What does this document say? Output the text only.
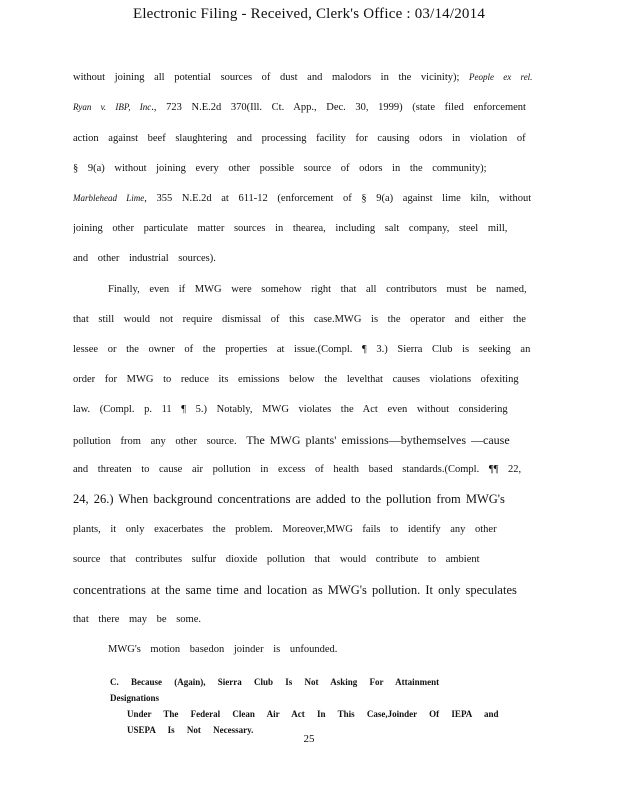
Electronic Filing - Received, Clerk's Office : 03/14/2014
without joining all potential sources of dust and malodors in the vicinity); People ex rel.
Ryan v. IBP, Inc., 723 N.E.2d 370(Ill. Ct. App., Dec. 30, 1999) (state filed enforcement
action against beef slaughtering and processing facility for causing odors in violation of
§ 9(a) without joining every other possible source of odors in the community);
Marblehead Lime, 355 N.E.2d at 611-12 (enforcement of § 9(a) against lime kiln, without
joining other particulate matter sources in thearea, including salt company, steel mill,
and other industrial sources).
Finally, even if MWG were somehow right that all contributors must be named,
that still would not require dismissal of this case.MWG is the operator and either the
lessee or the owner of the properties at issue.(Compl. ¶ 3.) Sierra Club is seeking an
order for MWG to reduce its emissions below the levelthat causes violations ofexiting
law. (Compl. p. 11 ¶ 5.) Notably, MWG violates the Act even without considering
pollution from any other source. The MWG plants' emissions—bythemselves —cause
and threaten to cause air pollution in excess of health based standards.(Compl. ¶¶ 22,
24, 26.) When background concentrations are added to the pollution from MWG's
plants, it only exacerbates the problem. Moreover,MWG fails to identify any other
source that contributes sulfur dioxide pollution that would contribute to ambient
concentrations at the same time and location as MWG's pollution. It only speculates
that there may be some.
MWG's motion basedon joinder is unfounded.
C. Because (Again), Sierra Club Is Not Asking For Attainment Designations
Under The Federal Clean Air Act In This Case,Joinder Of IEPA and
USEPA Is Not Necessary.
25
